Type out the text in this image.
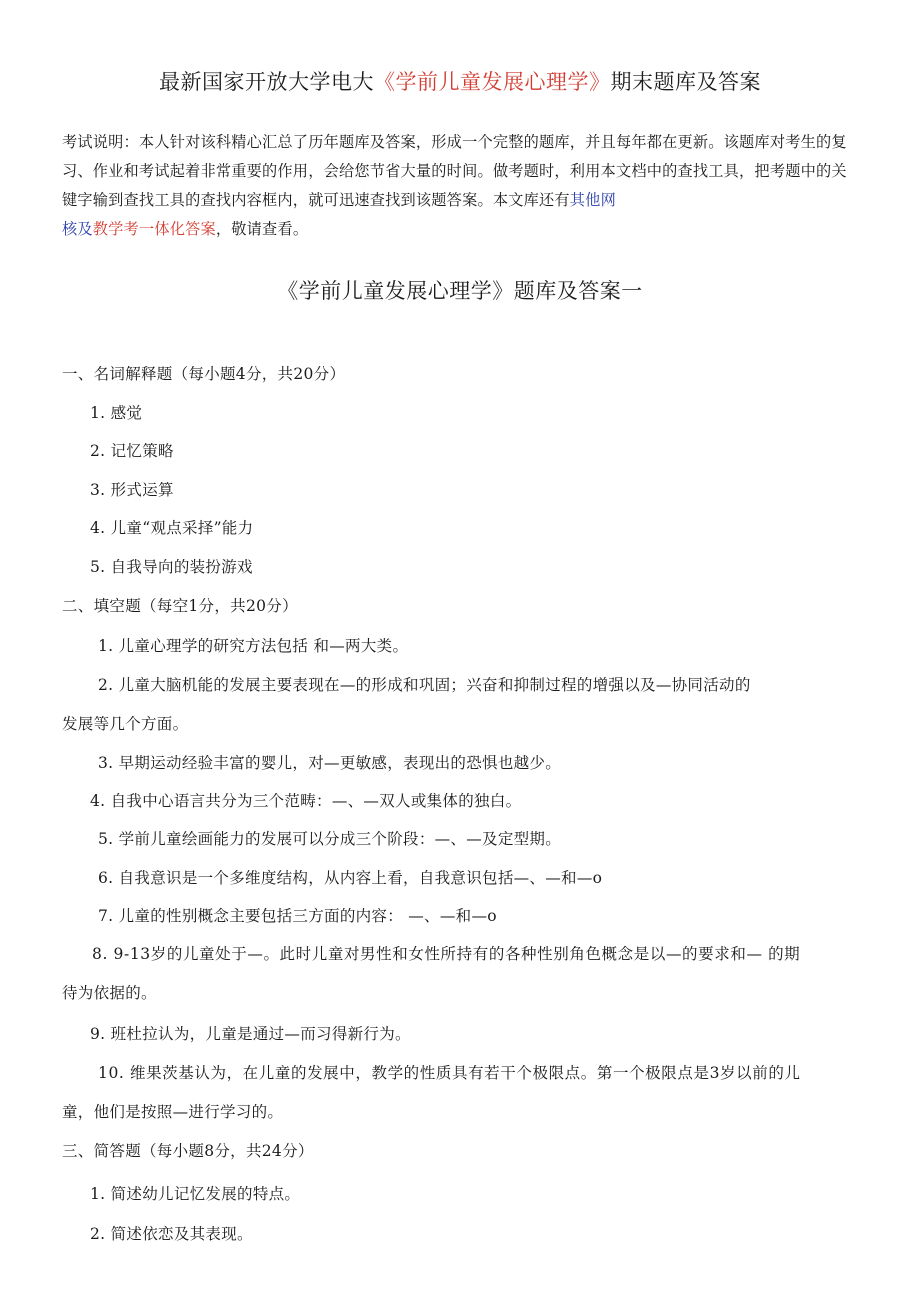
最新国家开放大学电大《学前儿童发展心理学》期末题库及答案
考试说明：本人针对该科精心汇总了历年题库及答案，形成一个完整的题库，并且每年都在更新。该题库对考生的复习、作业和考试起着非常重要的作用，会给您节省大量的时间。做考题时，利用本文档中的查找工具，把考题中的关键字输到查找工具的查找内容框内，就可迅速查找到该题答案。本文库还有其他网
核及教学考一体化答案，敬请查看。
《学前儿童发展心理学》题库及答案一
一、名词解释题（每小题4分，共20分）
1. 感觉
2. 记忆策略
3. 形式运算
4. 儿童“观点采择”能力
5. 自我导向的装扮游戏
二、填空题（每空1分，共20分）
1. 儿童心理学的研究方法包括 和—两大类。
2. 儿童大脑机能的发展主要表现在—的形成和巩固；兴奋和抑制过程的增强以及—协同活动的
发展等几个方面。
3. 早期运动经验丰富的婴儿，对—更敏感，表现出的恐惧也越少。
4. 自我中心语言共分为三个范畴：—、—双人或集体的独白。
5. 学前儿童绘画能力的发展可以分成三个阶段：—、—及定型期。
6. 自我意识是一个多维度结构，从内容上看，自我意识包括—、—和—o
7. 儿童的性别概念主要包括三方面的内容： —、—和—o
8. 9-13岁的儿童处于—。此时儿童对男性和女性所持有的各种性别角色概念是以—的要求和— 的期
待为依据的。
9. 班杜拉认为，儿童是通过—而习得新行为。
10. 维果茨基认为，在儿童的发展中，教学的性质具有若干个极限点。第一个极限点是3岁以前的儿
童，他们是按照—进行学习的。
三、简答题（每小题8分，共24分）
1. 简述幼儿记忆发展的特点。
2. 简述依恋及其表现。
